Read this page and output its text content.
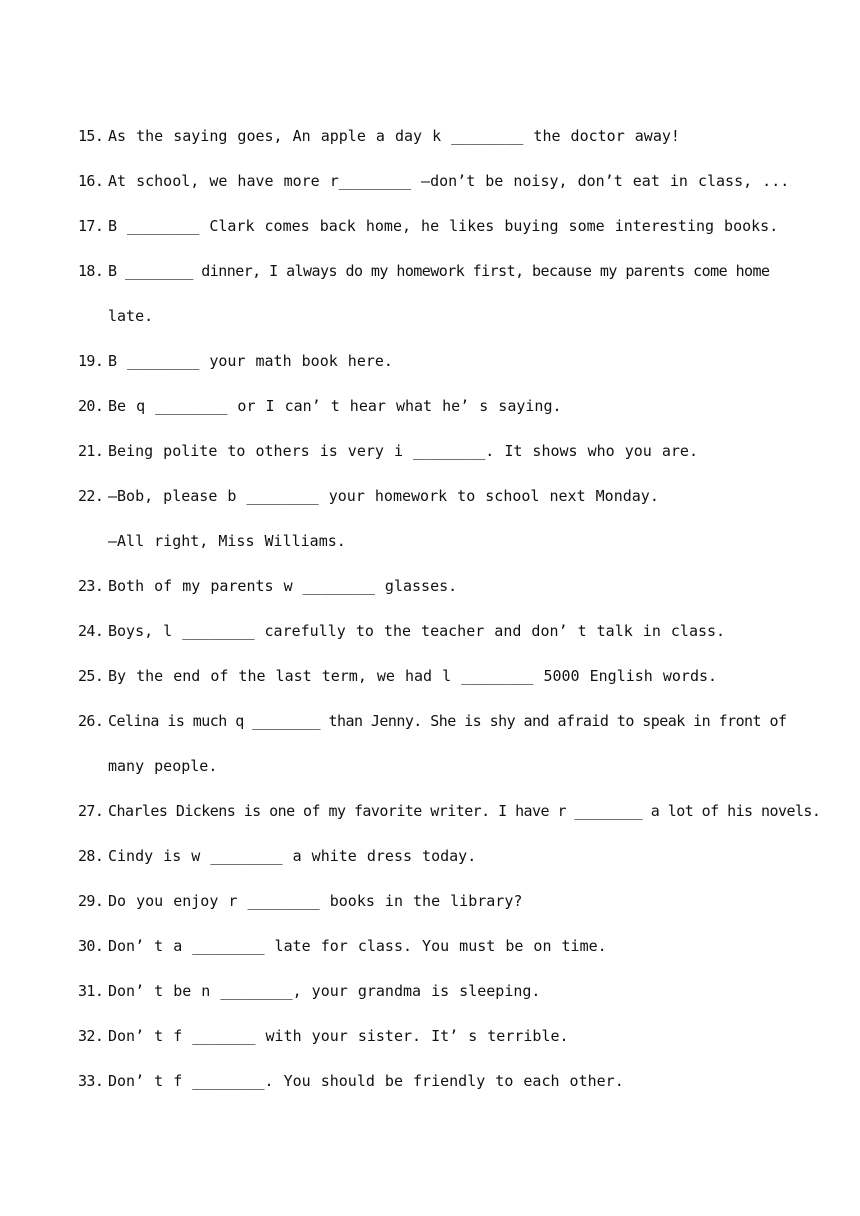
15. As the saying goes, An apple a day k ________ the doctor away!
16. At school, we have more r________ —don’t be noisy, don’t eat in class, ...
17. B ________ Clark comes back home, he likes buying some interesting books.
18. B ________ dinner, I always do my homework first, because my parents come home
late.
19. B ________ your math book here.
20. Be q ________ or I can’ t hear what he’ s saying.
21. Being polite to others is very i ________. It shows who you are.
22. —Bob, please b ________ your homework to school next Monday.
—All right, Miss Williams.
23. Both of my parents w ________ glasses.
24. Boys, l ________ carefully to the teacher and don’ t talk in class.
25. By the end of the last term, we had l ________ 5000 English words.
26. Celina is much q ________ than Jenny. She is shy and afraid to speak in front of
many people.
27. Charles Dickens is one of my favorite writer. I have r ________ a lot of his novels.
28. Cindy is w ________ a white dress today.
29. Do you enjoy r ________ books in the library?
30. Don’ t a ________ late for class. You must be on time.
31. Don’ t be n ________, your grandma is sleeping.
32. Don’ t f _______ with your sister. It’ s terrible.
33. Don’ t f ________. You should be friendly to each other.
